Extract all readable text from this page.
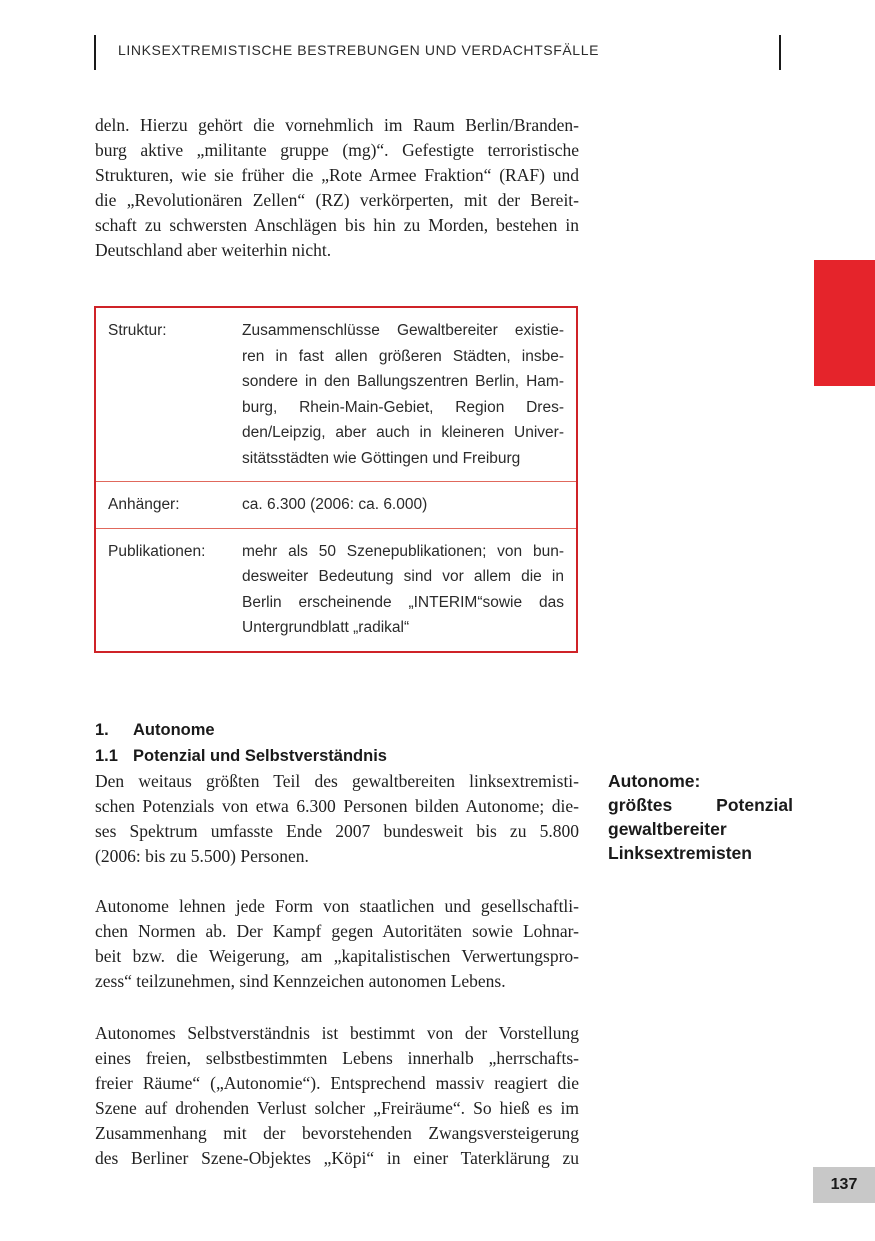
LINKSEXTREMISTISCHE BESTREBUNGEN UND VERDACHTSFÄLLE
deln. Hierzu gehört die vornehmlich im Raum Berlin/Branden-
burg aktive „militante gruppe (mg)“. Gefestigte terroristische
Strukturen, wie sie früher die „Rote Armee Fraktion“ (RAF) und
die „Revolutionären Zellen“ (RZ) verkörperten, mit der Bereit-
schaft zu schwersten Anschlägen bis hin zu Morden, bestehen in
Deutschland aber weiterhin nicht.
Struktur:	Zusammenschlüsse Gewaltbereiter existie-
ren in fast allen größeren Städten, insbe-
sondere in den Ballungszentren Berlin, Ham-
burg, Rhein-Main-Gebiet, Region Dres-
den/Leipzig, aber auch in kleineren Univer-
sitätsstädten wie Göttingen und Freiburg
Anhänger:	ca. 6.300 (2006: ca. 6.000)
Publikationen:	mehr als 50 Szenepublikationen; von bun-
desweiter Bedeutung sind vor allem die in
Berlin erscheinende „INTERIM“sowie das
Untergrundblatt „radikal“
1.	Autonome
1.1 Potenzial und Selbstverständnis
Den weitaus größten Teil des gewaltbereiten linksextremisti-
schen Potenzials von etwa 6.300 Personen bilden Autonome; die-
ses Spektrum umfasste Ende 2007 bundesweit bis zu 5.800
(2006: bis zu 5.500) Personen.
Autonome lehnen jede Form von staatlichen und gesellschaftli-
chen Normen ab. Der Kampf gegen Autoritäten sowie Lohnar-
beit bzw. die Weigerung, am „kapitalistischen Verwertungspro-
zess“ teilzunehmen, sind Kennzeichen autonomen Lebens.
Autonomes Selbstverständnis ist bestimmt von der Vorstellung
eines freien, selbstbestimmten Lebens innerhalb „herrschafts-
freier Räume“ („Autonomie“). Entsprechend massiv reagiert die
Szene auf drohenden Verlust solcher „Freiräume“. So hieß es im
Zusammenhang mit der bevorstehenden Zwangsversteigerung
des Berliner Szene-Objektes „Köpi“ in einer Taterklärung zu
Autonome:
größtes Potenzial
gewaltbereiter
Linksextremisten
137
